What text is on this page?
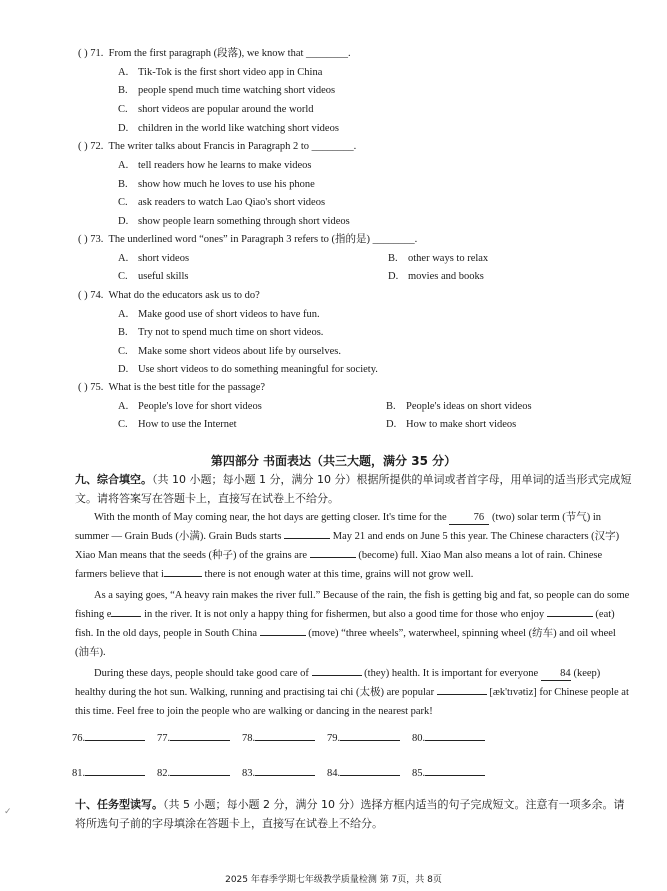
( ) 71. From the first paragraph (段落), we know that ________.
A. Tik-Tok is the first short video app in China
B. people spend much time watching short videos
C. short videos are popular around the world
D. children in the world like watching short videos
( ) 72. The writer talks about Francis in Paragraph 2 to ________.
A. tell readers how he learns to make videos
B. show how much he loves to use his phone
C. ask readers to watch Lao Qiao's short videos
D. show people learn something through short videos
( ) 73. The underlined word “ones” in Paragraph 3 refers to (指的是) ________.
A. short videos	B. other ways to relax
C. useful skills	D. movies and books
( ) 74. What do the educators ask us to do?
A. Make good use of short videos to have fun.
B. Try not to spend much time on short videos.
C. Make some short videos about life by ourselves.
D. Use short videos to do something meaningful for society.
( ) 75. What is the best title for the passage?
A. People's love for short videos	B. People's ideas on short videos
C. How to use the Internet	D. How to make short videos
第四部分 书面表达（共三大题，满分 35 分）
九、综合填空。（共 10 小题；每小题 1 分，满分 10 分）根据所提供的单词或者首字母，用单词的适当形式完成短文。请将答案写在答题卡上，直接写在试卷上不给分。

With the month of May coming near, the hot days are getting closer. It's time for the 76 (two) solar term (节气) in summer — Grain Buds (小满). Grain Buds starts	May 21 and ends on June 5 this year. The Chinese characters (汉字) Xiao Man means that the seeds (种子) of the grains are	(become) full. Xiao Man also means a lot of rain. Chinese farmers believe that i	there is not enough water at this time, grains will not grow well.

As a saying goes, “A heavy rain makes the river full.” Because of the rain, the fish is getting big and fat, so people can do some fishing e	in the river. It is not only a happy thing for fishermen, but also a good time for those who enjoy	(eat) fish. In the old days, people in South China	(move) “three wheels”, waterwheel, spinning wheel (纺车) and oil wheel (油车).

During these days, people should take good care of	(they) health. It is important for everyone 84 (keep) healthy during the hot sun. Walking, running and practising tai chi (太极) are popular	[æk'tɪvətiz] for Chinese people at this time. Feel free to join the people who are walking or dancing in the nearest park!

76.	77.	78.	79.	80.
81.	82.	83.	84.	85.
十、任务型读写。（共 5 小题；每小题 2 分，满分 10 分）选择方框内适当的句子完成短文。注意有一项多余。请将所选句子前的字母填涂在答题卡上，直接写在试卷上不给分。
✓
2025 年春季学期七年级教学质量检测 第 7页，共 8页
